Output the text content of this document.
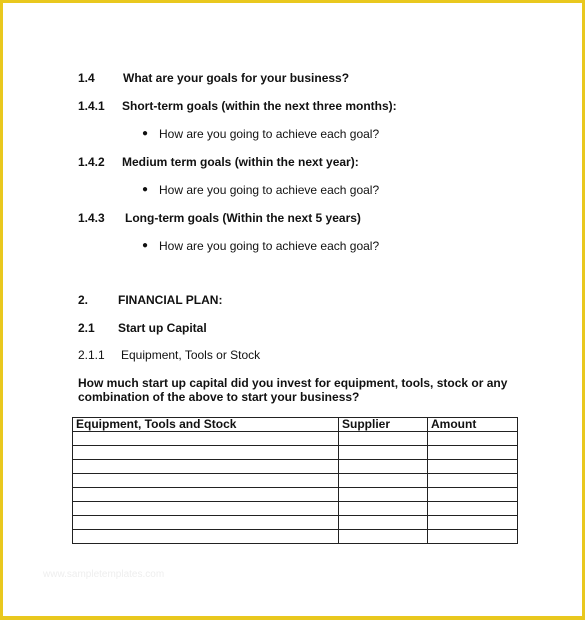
1.4 What are your goals for your business?
1.4.1 Short-term goals (within the next three months):
● How are you going to achieve each goal?
1.4.2 Medium term goals (within the next year):
● How are you going to achieve each goal?
1.4.3 Long-term goals (Within the next 5 years)
● How are you going to achieve each goal?
2. FINANCIAL PLAN:
2.1 Start up Capital
2.1.1 Equipment, Tools or Stock
How much start up capital did you invest for equipment, tools, stock or any combination of the above to start your business?
Equipment, Tools and Stock	Supplier	Amount

www.sampletemplates.com
